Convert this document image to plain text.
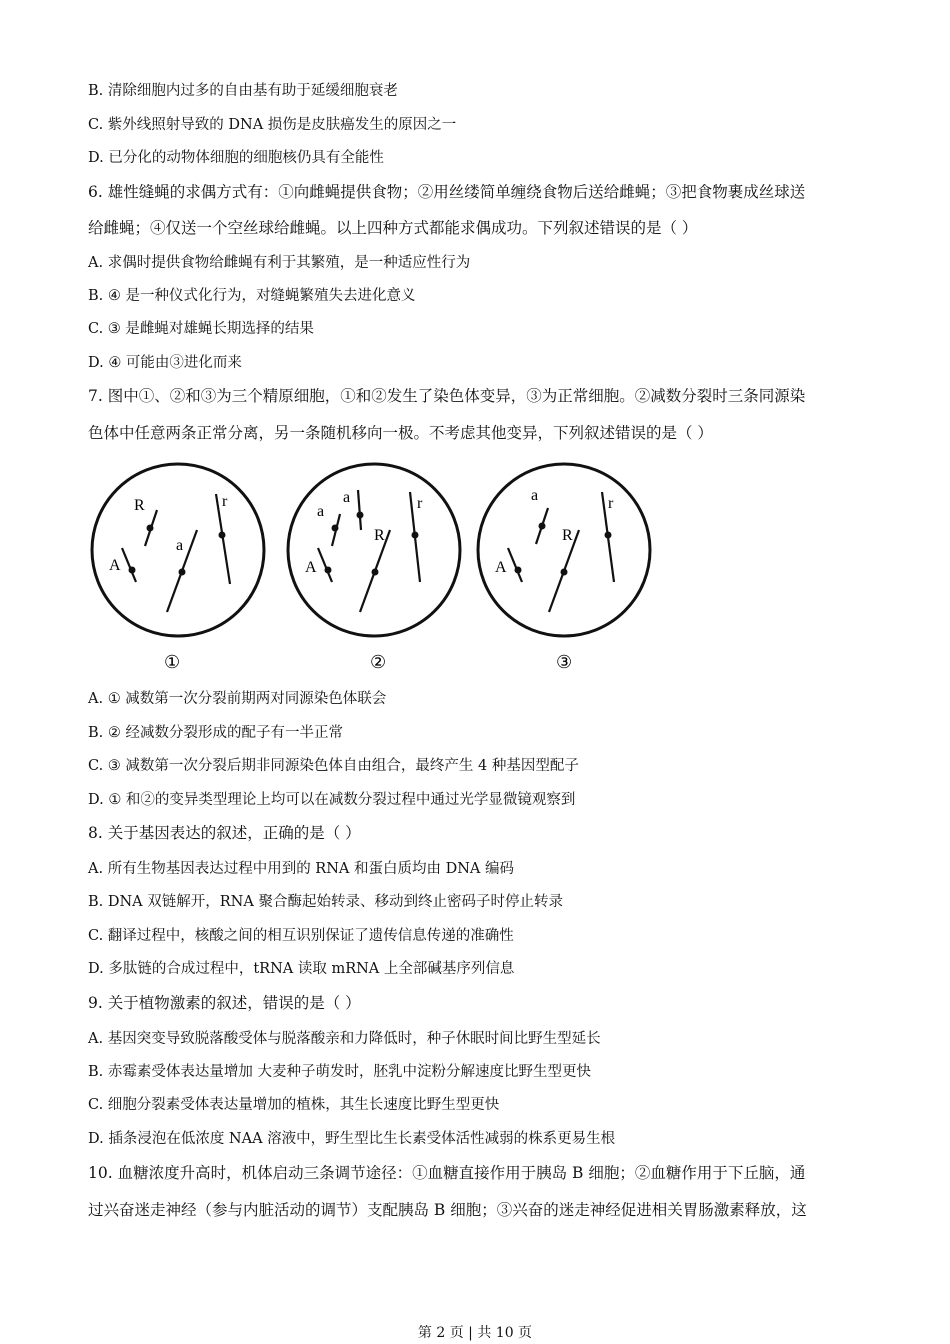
B. 清除细胞内过多的自由基有助于延缓细胞衰老
C. 紫外线照射导致的 DNA 损伤是皮肤癌发生的原因之一
D. 已分化的动物体细胞的细胞核仍具有全能性
6. 雄性缝蝇的求偶方式有：①向雌蝇提供食物；②用丝缕简单缠绕食物后送给雌蝇；③把食物裹成丝球送
给雌蝇；④仅送一个空丝球给雌蝇。以上四种方式都能求偶成功。下列叙述错误的是（ ）
A. 求偶时提供食物给雌蝇有利于其繁殖，是一种适应性行为
B. ④ 是一种仪式化行为，对缝蝇繁殖失去进化意义
C. ③ 是雌蝇对雄蝇长期选择的结果
D. ④ 可能由③进化而来
7. 图中①、②和③为三个精原细胞，①和②发生了染色体变异，③为正常细胞。②减数分裂时三条同源染
色体中任意两条正常分离，另一条随机移向一极。不考虑其他变异，下列叙述错误的是（ ）
R	r
a
A
①
a
a	r
R
A
②
a	r
R
A
③
A. ① 减数第一次分裂前期两对同源染色体联会
B. ② 经减数分裂形成的配子有一半正常
C. ③ 减数第一次分裂后期非同源染色体自由组合，最终产生 4 种基因型配子
D. ① 和②的变异类型理论上均可以在减数分裂过程中通过光学显微镜观察到
8. 关于基因表达的叙述，正确的是（ ）
A. 所有生物基因表达过程中用到的 RNA 和蛋白质均由 DNA 编码
B. DNA 双链解开，RNA 聚合酶起始转录、移动到终止密码子时停止转录
C. 翻译过程中，核酸之间的相互识别保证了遗传信息传递的准确性
D. 多肽链的合成过程中，tRNA 读取 mRNA 上全部碱基序列信息
9. 关于植物激素的叙述，错误的是（ ）
A. 基因突变导致脱落酸受体与脱落酸亲和力降低时，种子休眠时间比野生型延长
B. 赤霉素受体表达量增加 大麦种子萌发时，胚乳中淀粉分解速度比野生型更快
C. 细胞分裂素受体表达量增加的植株，其生长速度比野生型更快
D. 插条浸泡在低浓度 NAA 溶液中，野生型比生长素受体活性减弱的株系更易生根
10. 血糖浓度升高时，机体启动三条调节途径：①血糖直接作用于胰岛 B 细胞；②血糖作用于下丘脑，通
过兴奋迷走神经（参与内脏活动的调节）支配胰岛 B 细胞；③兴奋的迷走神经促进相关胃肠激素释放，这
第 2 页 | 共 10 页
